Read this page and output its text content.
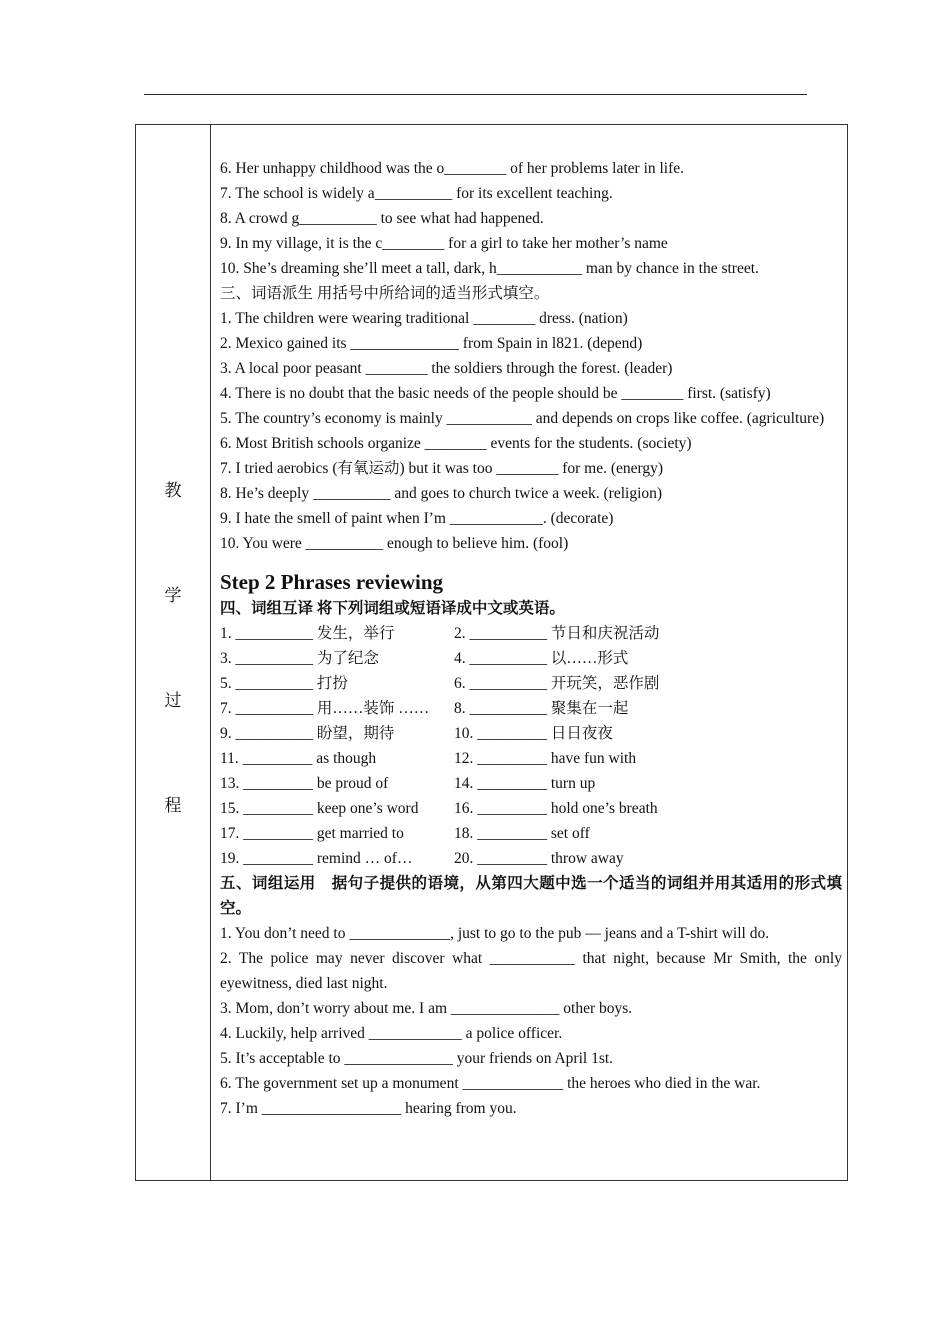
教
学
过
程
6. Her unhappy childhood was the o________ of her problems later in life.
7. The school is widely a__________ for its excellent teaching.
8. A crowd g__________ to see what had happened.
9. In my village, it is the c________ for a girl to take her mother’s name
10. She’s dreaming she’ll meet a tall, dark, h___________ man by chance in the street.
三、词语派生 用括号中所给词的适当形式填空。
1. The children were wearing traditional ________ dress. (nation)
2. Mexico gained its ______________ from Spain in l821. (depend)
3. A local poor peasant ________ the soldiers through the forest. (leader)
4. There is no doubt that the basic needs of the people should be ________ first. (satisfy)
5. The country’s economy is mainly ___________ and depends on crops like coffee. (agriculture)
6. Most British schools organize ________ events for the students. (society)
7. I tried aerobics (有氧运动) but it was too ________ for me. (energy)
8. He’s deeply __________ and goes to church twice a week. (religion)
9. I hate the smell of paint when I’m ____________. (decorate)
10. You were __________ enough to believe him. (fool)
Step 2 Phrases reviewing
四、词组互译 将下列词组或短语译成中文或英语。
1. __________ 发生，举行	2. __________ 节日和庆祝活动
3. __________ 为了纪念	4. __________ 以……形式
5. __________ 打扮	6. __________ 开玩笑，恶作剧
7. __________ 用……装饰 ……	8. __________ 聚集在一起
9. __________ 盼望，期待	10. _________ 日日夜夜
11. _________ as though	12. _________ have fun with
13. _________ be proud of	14. _________ turn up
15. _________ keep one’s word	16. _________ hold one’s breath
17. _________ get married to	18. _________ set off
19. _________ remind … of…	20. _________ throw away
五、词组运用　据句子提供的语境，从第四大题中选一个适当的词组并用其适用的形式填空。
1. You don’t need to _____________, just to go to the pub — jeans and a T-shirt will do.
2. The police may never discover what ___________ that night, because Mr Smith, the only eyewitness, died last night.
3. Mom, don’t worry about me. I am ______________ other boys.
4. Luckily, help arrived ____________ a police officer.
5. It’s acceptable to ______________ your friends on April 1st.
6. The government set up a monument _____________ the heroes who died in the war.
7. I’m __________________ hearing from you.
